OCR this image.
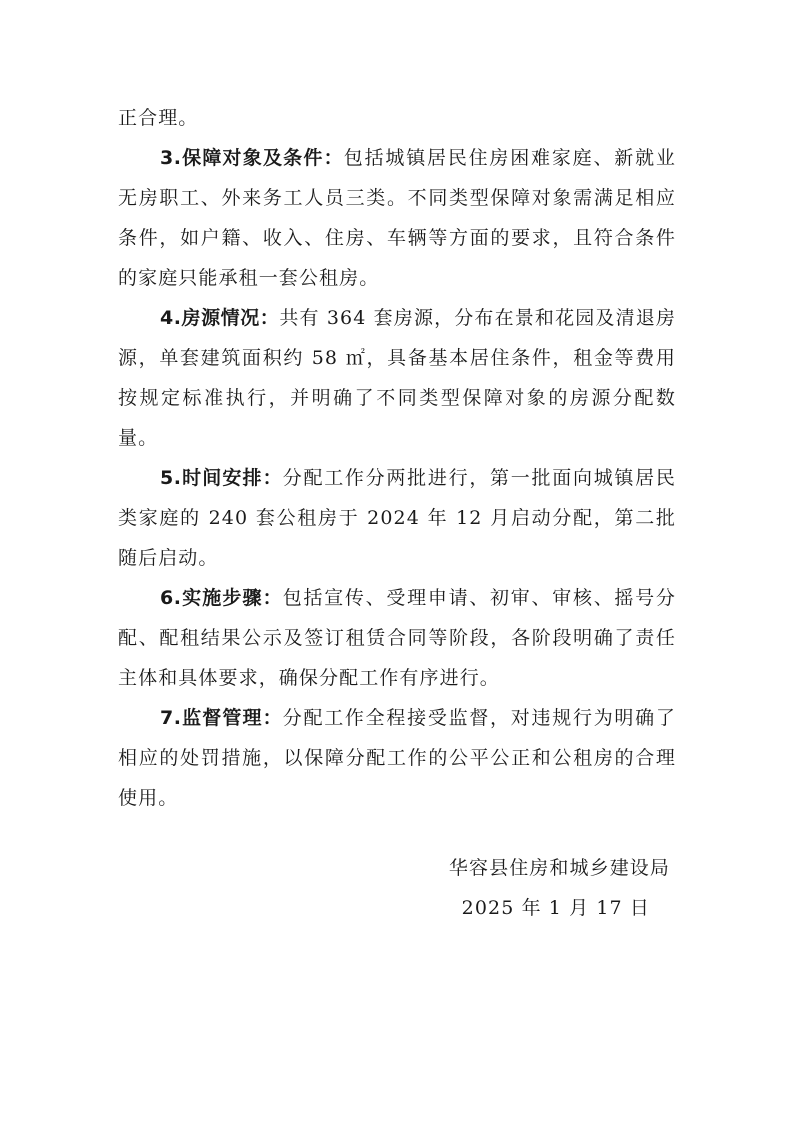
正合理。

3.保障对象及条件：包括城镇居民住房困难家庭、新就业无房职工、外来务工人员三类。不同类型保障对象需满足相应条件，如户籍、收入、住房、车辆等方面的要求，且符合条件的家庭只能承租一套公租房。

4.房源情况：共有 364 套房源，分布在景和花园及清退房源，单套建筑面积约 58 ㎡，具备基本居住条件，租金等费用按规定标准执行，并明确了不同类型保障对象的房源分配数量。

5.时间安排：分配工作分两批进行，第一批面向城镇居民类家庭的 240 套公租房于 2024 年 12 月启动分配，第二批随后启动。

6.实施步骤：包括宣传、受理申请、初审、审核、摇号分配、配租结果公示及签订租赁合同等阶段，各阶段明确了责任主体和具体要求，确保分配工作有序进行。

7.监督管理：分配工作全程接受监督，对违规行为明确了相应的处罚措施，以保障分配工作的公平公正和公租房的合理使用。

华容县住房和城乡建设局
2025 年 1 月 17 日
